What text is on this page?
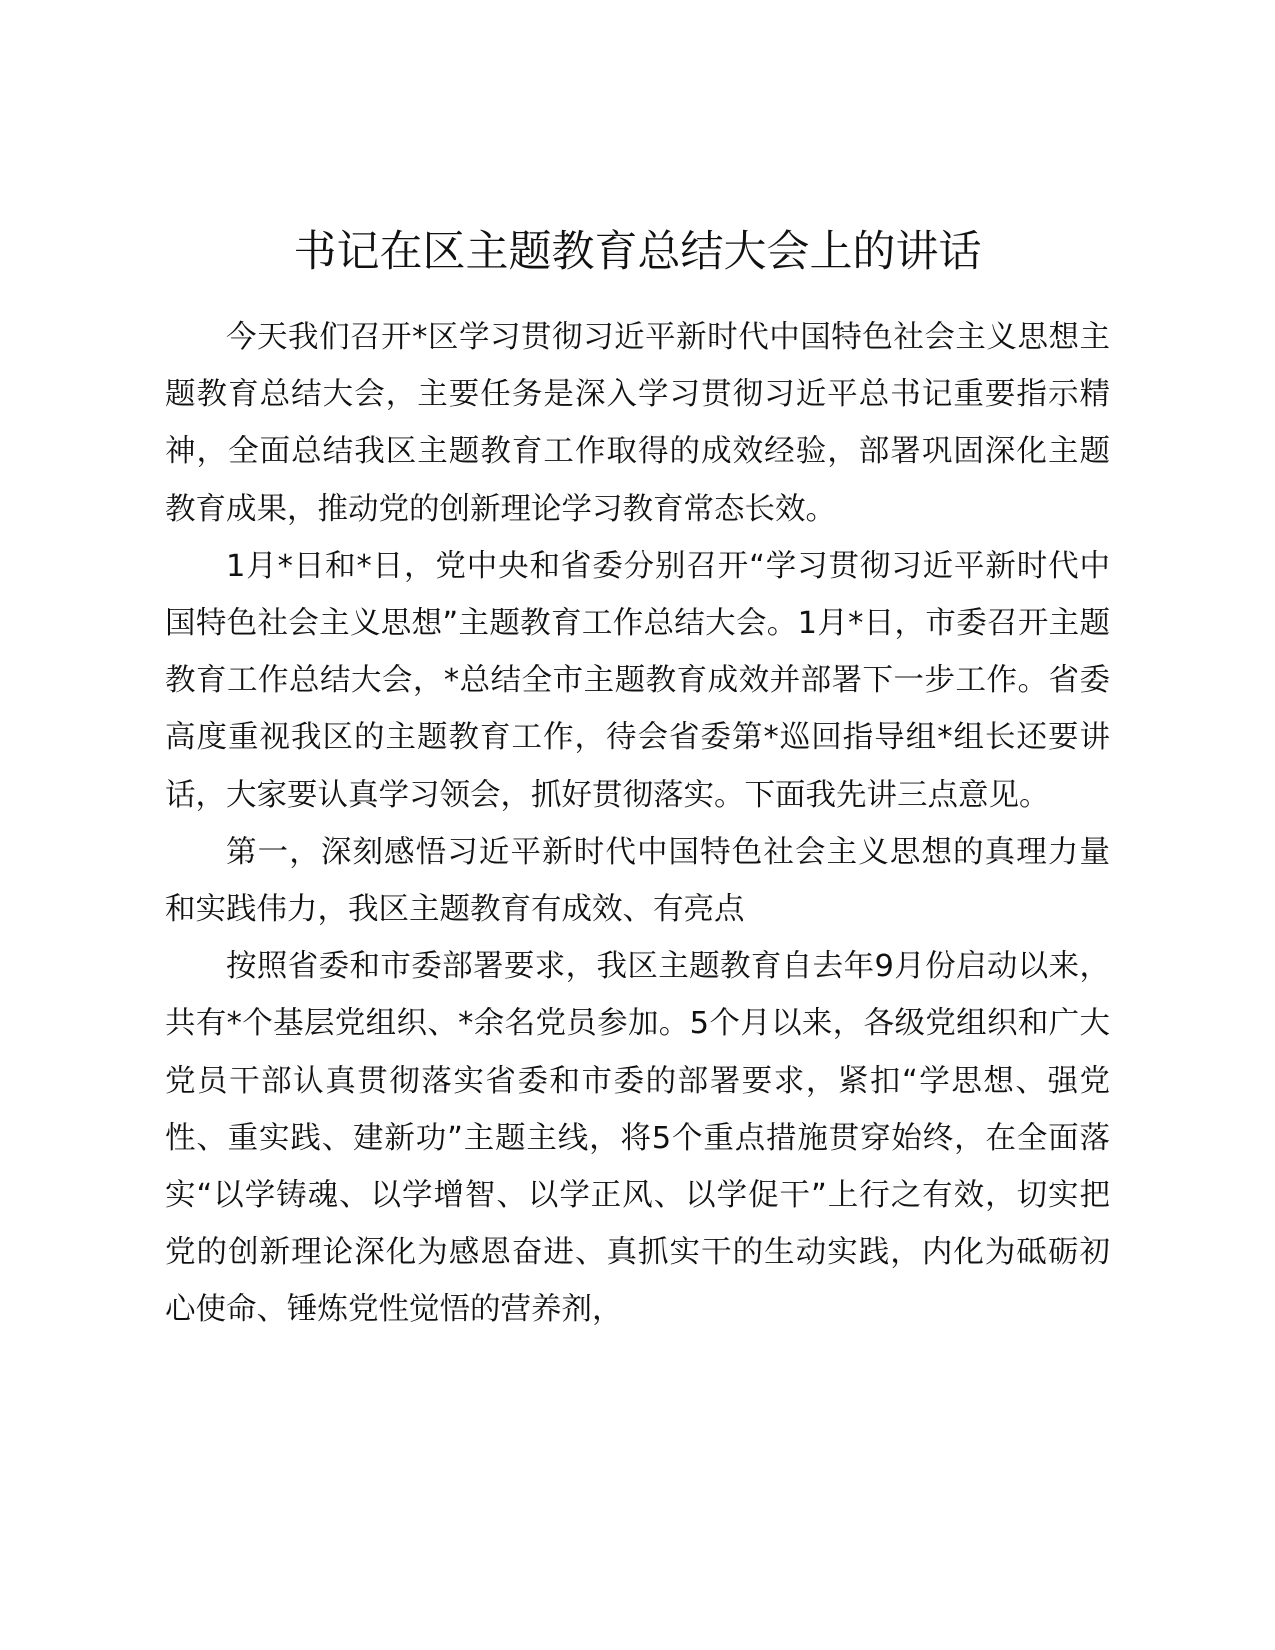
书记在区主题教育总结大会上的讲话

今天我们召开*区学习贯彻习近平新时代中国特色社会主义思想主题教育总结大会，主要任务是深入学习贯彻习近平总书记重要指示精神，全面总结我区主题教育工作取得的成效经验，部署巩固深化主题教育成果，推动党的创新理论学习教育常态长效。

1月*日和*日，党中央和省委分别召开“学习贯彻习近平新时代中国特色社会主义思想”主题教育工作总结大会。1月*日，市委召开主题教育工作总结大会，*总结全市主题教育成效并部署下一步工作。省委高度重视我区的主题教育工作，待会省委第*巡回指导组*组长还要讲话，大家要认真学习领会，抓好贯彻落实。下面我先讲三点意见。

第一，深刻感悟习近平新时代中国特色社会主义思想的真理力量和实践伟力，我区主题教育有成效、有亮点

按照省委和市委部署要求，我区主题教育自去年9月份启动以来，共有*个基层党组织、*余名党员参加。5个月以来，各级党组织和广大党员干部认真贯彻落实省委和市委的部署要求，紧扣“学思想、强党性、重实践、建新功”主题主线，将5个重点措施贯穿始终，在全面落实“以学铸魂、以学增智、以学正风、以学促干”上行之有效，切实把党的创新理论深化为感恩奋进、真抓实干的生动实践，内化为砥砺初心使命、锤炼党性觉悟的营养剂，
